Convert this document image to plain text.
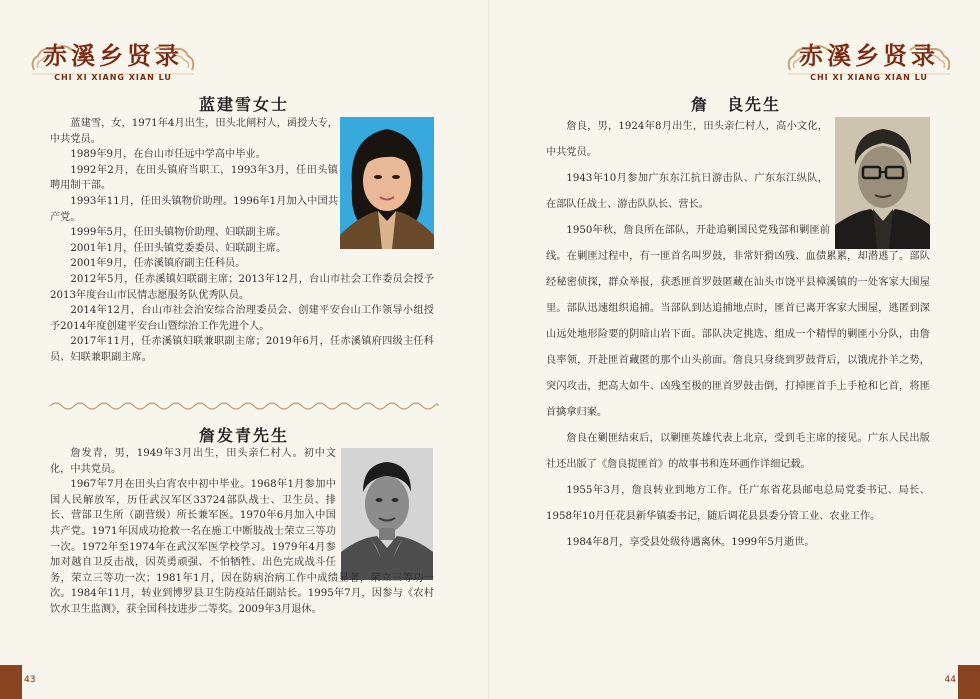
赤溪乡贤录
CHI XI XIANG XIAN LU
蓝建雪女士

蓝建雪，女，1971年4月出生，田头北闸村人，函授大专，中共党员。

1989年9月，在台山市任远中学高中毕业。

1992年2月，在田头镇府当职工，1993年3月，任田头镇聘用制干部。

1993年11月，任田头镇物价助理。1996年1月加入中国共产党。

1999年5月，任田头镇物价助理、妇联副主席。

2001年1月，任田头镇党委委员、妇联副主席。

2001年9月，任赤溪镇府副主任科员。

2012年5月，任赤溪镇妇联副主席；2013年12月，台山市社会工作委员会授予2013年度台山市民情志愿服务队优秀队员。

2014年12月，台山市社会治安综合治理委员会、创建平安台山工作领导小组授予2014年度创建平安台山暨综治工作先进个人。

2017年11月，任赤溪镇妇联兼职副主席；2019年6月，任赤溪镇府四级主任科员、妇联兼职副主席。

詹发青先生

詹发青，男，1949年3月出生，田头亲仁村人。初中文化，中共党员。

1967年7月在田头白宵农中初中毕业。1968年1月参加中国人民解放军，历任武汉军区33724部队战士、卫生员、排长、营部卫生所（副营级）所长兼军医。1970年6月加入中国共产党。1971年因成功抢救一名在施工中断肢战士荣立三等功一次。1972年至1974年在武汉军医学校学习。1979年4月参加对越自卫反击战，因英勇顽强、不怕牺牲、出色完成战斗任务，荣立三等功一次；1981年1月，因在防病治病工作中成绩显著，荣立三等功一次。1984年11月，转业到博罗县卫生防疫站任副站长。1995年7月，因参与《农村饮水卫生监测》，获全国科技进步二等奖。2009年3月退休。

43
赤溪乡贤录
CHI XI XIANG XIAN LU
詹　良先生

詹良，男，1924年8月出生，田头亲仁村人，高小文化，中共党员。

1943年10月参加广东东江抗日游击队、广东东江纵队，在部队任战士、游击队队长、营长。

1950年秋，詹良所在部队，开赴追剿国民党残部和剿匪前线。在剿匪过程中，有一匪首名叫罗鼓，非常奸猾凶残、血债累累，却潜逃了。部队经秘密侦探，群众举报，获悉匪首罗鼓匿藏在汕头市饶平县樟溪镇的一处客家大围屋里。部队迅速组织追捕。当部队到达追捕地点时，匪首已离开客家大围屋，逃匿到深山远处地形险要的阴暗山岩下面。部队决定挑选、组成一个精悍的剿匪小分队，由詹良率领，开赴匪首藏匿的那个山头前面。詹良只身绕到罗鼓背后，以饿虎扑羊之势，突闪攻击，把高大如牛、凶残至极的匪首罗鼓击倒，打掉匪首手上手枪和匕首，将匪首擒拿归案。

詹良在剿匪结束后，以剿匪英雄代表上北京，受到毛主席的接见。广东人民出版社还出版了《詹良捉匪首》的故事书和连环画作详细记载。

1955年3月，詹良转业到地方工作。任广东省花县邮电总局党委书记、局长、1958年10月任花县新华镇委书记，随后调花县县委分管工业、农业工作。

1984年8月，享受县处级待遇离休。1999年5月逝世。

44
